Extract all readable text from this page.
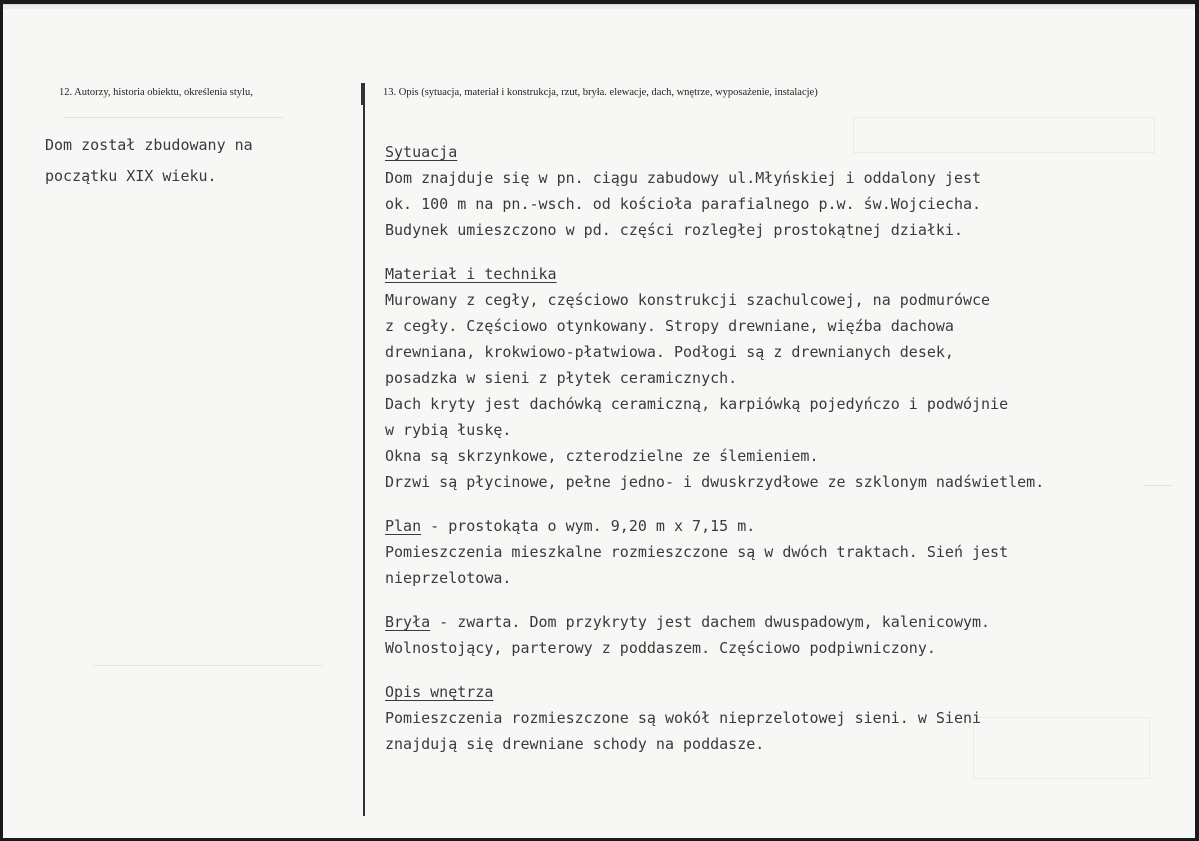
12. Autorzy, historia obiektu, określenia stylu,	13. Opis (sytuacja, materiał i konstrukcja, rzut, bryła. elewacje, dach, wnętrze, wyposażenie, instalacje)
Dom został zbudowany na
początku XIX wieku.
Sytuacja
Dom znajduje się w pn. ciągu zabudowy ul.Młyńskiej i oddalony jest
ok. 100 m na pn.-wsch. od kościoła parafialnego p.w. św.Wojciecha.
Budynek umieszczono w pd. części rozległej prostokątnej działki.
Materiał i technika
Murowany z cegły, częściowo konstrukcji szachulcowej, na podmurówce
z cegły. Częściowo otynkowany. Stropy drewniane, więźba dachowa
drewniana, krokwiowo-płatwiowa. Podłogi są z drewnianych desek,
posadzka w sieni z płytek ceramicznych.
Dach kryty jest dachówką ceramiczną, karpiówką pojedyńczo i podwójnie
w rybią łuskę.
Okna są skrzynkowe, czterodzielne ze ślemieniem.
Drzwi są płycinowe, pełne jedno- i dwuskrzydłowe ze szklonym nadświetlem.
Plan - prostokąta o wym. 9,20 m x 7,15 m.
Pomieszczenia mieszkalne rozmieszczone są w dwóch traktach. Sień jest
nieprzelotowa.
Bryła - zwarta. Dom przykryty jest dachem dwuspadowym, kalenicowym.
Wolnostojący, parterowy z poddaszem. Częściowo podpiwniczony.
Opis wnętrza
Pomieszczenia rozmieszczone są wokół nieprzelotowej sieni. w Sieni
znajdują się drewniane schody na poddasze.
